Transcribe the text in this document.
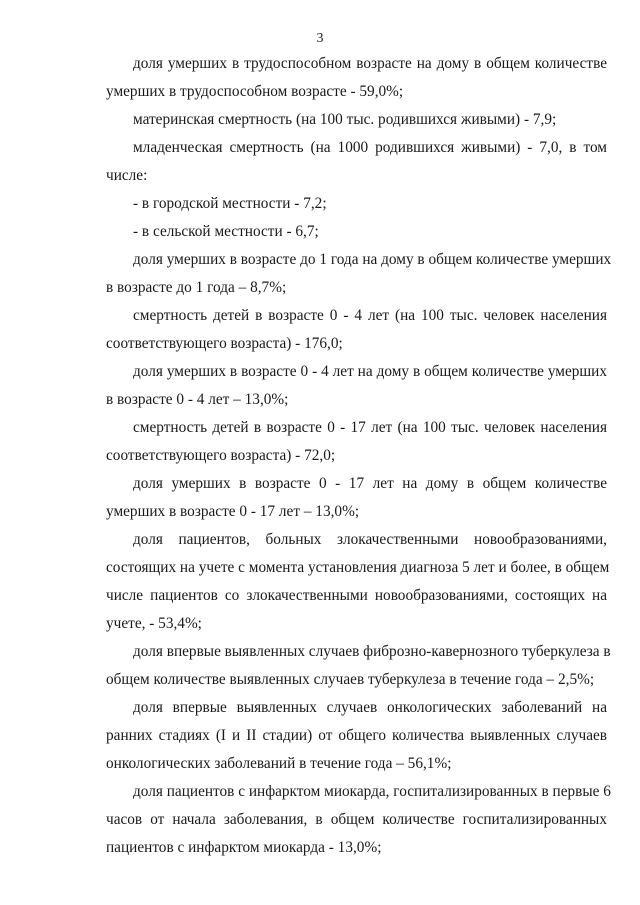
3
доля умерших в трудоспособном возрасте на дому в общем количестве
умерших в трудоспособном возрасте - 59,0%;
материнская смертность (на 100 тыс. родившихся живыми) - 7,9;
младенческая смертность (на 1000 родившихся живыми) - 7,0, в том
числе:
- в городской местности - 7,2;
- в сельской местности - 6,7;
доля умерших в возрасте до 1 года на дому в общем количестве умерших
в возрасте до 1 года – 8,7%;
смертность детей в возрасте 0 - 4 лет (на 100 тыс. человек населения
соответствующего возраста) - 176,0;
доля умерших в возрасте 0 - 4 лет на дому в общем количестве умерших
в возрасте 0 - 4 лет – 13,0%;
смертность детей в возрасте 0 - 17 лет (на 100 тыс. человек населения
соответствующего возраста) - 72,0;
доля умерших в возрасте 0 - 17 лет на дому в общем количестве
умерших в возрасте 0 - 17 лет – 13,0%;
доля пациентов, больных злокачественными новообразованиями,
состоящих на учете с момента установления диагноза 5 лет и более, в общем
числе пациентов со злокачественными новообразованиями, состоящих на
учете, - 53,4%;
доля впервые выявленных случаев фиброзно-кавернозного туберкулеза в
общем количестве выявленных случаев туберкулеза в течение года – 2,5%;
доля впервые выявленных случаев онкологических заболеваний на
ранних стадиях (I и II стадии) от общего количества выявленных случаев
онкологических заболеваний в течение года – 56,1%;
доля пациентов с инфарктом миокарда, госпитализированных в первые 6
часов от начала заболевания, в общем количестве госпитализированных
пациентов с инфарктом миокарда - 13,0%;
